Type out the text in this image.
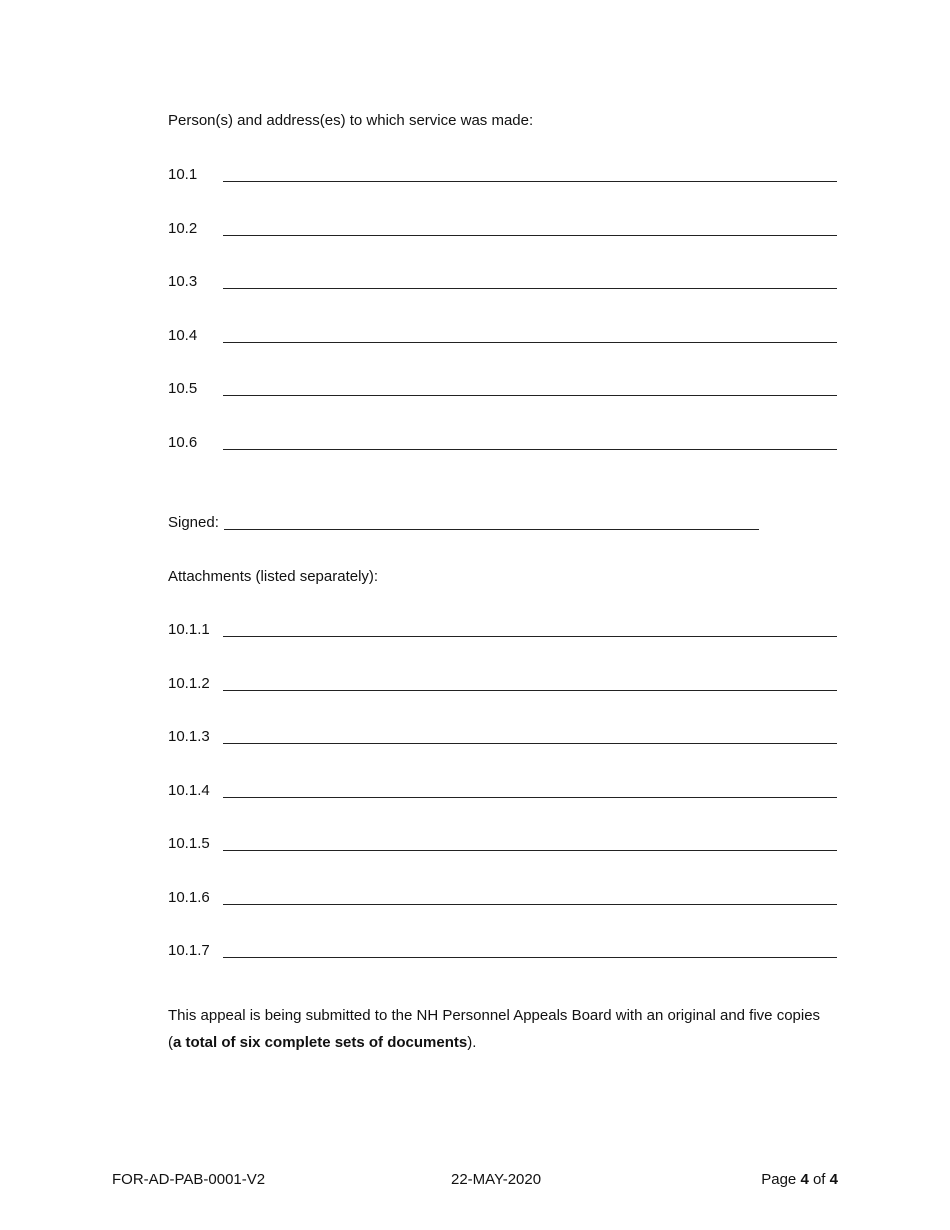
Person(s) and address(es) to which service was made:
10.1
10.2
10.3
10.4
10.5
10.6
Signed:
Attachments (listed separately):
10.1.1
10.1.2
10.1.3
10.1.4
10.1.5
10.1.6
10.1.7
This appeal is being submitted to the NH Personnel Appeals Board with an original and five copies (a total of six complete sets of documents).
FOR-AD-PAB-0001-V2	22-MAY-2020	Page 4 of 4
